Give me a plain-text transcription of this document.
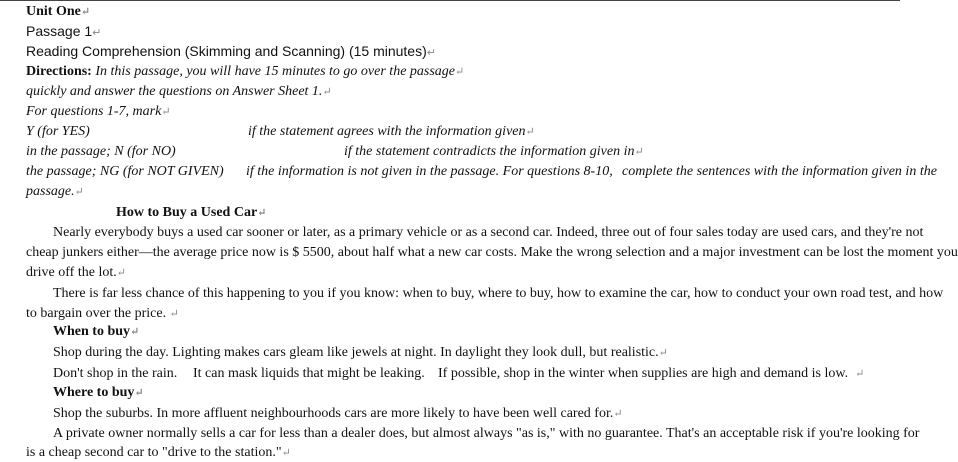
Unit One↵
Passage 1↵
Reading Comprehension (Skimming and Scanning) (15 minutes)↵
Directions: In this passage, you will have 15 minutes to go over the passage↵
quickly and answer the questions on Answer Sheet 1.↵
For questions 1-7, mark↵
Y (for YES)	if the statement agrees with the information given↵
in the passage; N (for NO)	if the statement contradicts the information given in↵
the passage; NG (for NOT GIVEN) if the information is not given in the passage. For questions 8-10, complete the sentences with the information given in the
passage.↵
How to Buy a Used Car↵
Nearly everybody buys a used car sooner or later, as a primary vehicle or as a second car. Indeed, three out of four sales today are used cars, and they're not
cheap junkers either—the average price now is $ 5500, about half what a new car costs. Make the wrong selection and a major investment can be lost the moment you
drive off the lot.↵
There is far less chance of this happening to you if you know: when to buy, where to buy, how to examine the car, how to conduct your own road test, and how
to bargain over the price. ↵
When to buy↵
Shop during the day. Lighting makes cars gleam like jewels at night. In daylight they look dull, but realistic.↵
Don't shop in the rain. It can mask liquids that might be leaking. If possible, shop in the winter when supplies are high and demand is low. ↵
Where to buy↵
Shop the suburbs. In more affluent neighbourhoods cars are more likely to have been well cared for.↵
A private owner normally sells a car for less than a dealer does, but almost always "as is," with no guarantee. That's an acceptable risk if you're looking for
is a cheap second car to "drive to the station."↵
